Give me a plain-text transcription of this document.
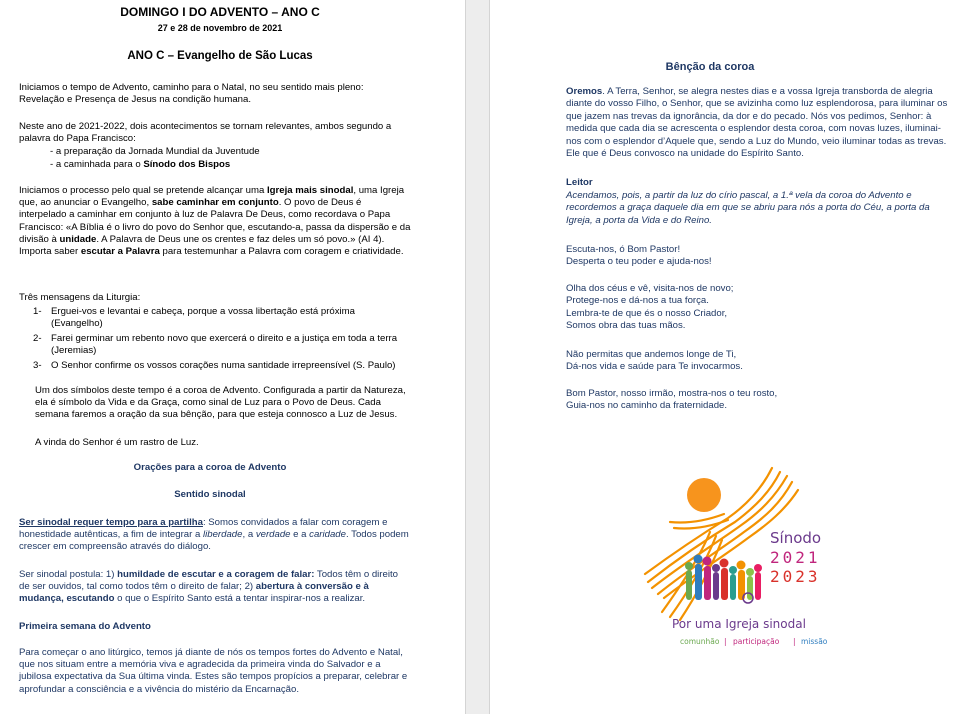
DOMINGO I DO ADVENTO – ANO C
27 e 28 de novembro de 2021
ANO C – Evangelho de São Lucas
Iniciamos o tempo de Advento, caminho para o Natal, no seu sentido mais pleno: Revelação e Presença de Jesus na condição humana.
Neste ano de 2021-2022, dois acontecimentos se tornam relevantes, ambos segundo a palavra do Papa Francisco:
- a preparação da Jornada Mundial da Juventude
- a caminhada para o Sínodo dos Bispos
Iniciamos o processo pelo qual se pretende alcançar uma Igreja mais sinodal, uma Igreja que, ao anunciar o Evangelho, sabe caminhar em conjunto. O povo de Deus é interpelado a caminhar em conjunto à luz de Palavra De Deus, como recordava o Papa Francisco: «A Bíblia é o livro do povo do Senhor que, escutando-a, passa da dispersão e da divisão à unidade. A Palavra de Deus une os crentes e faz deles um só povo.» (AI 4). Importa saber escutar a Palavra para testemunhar a Palavra com coragem e criatividade.
Três mensagens da Liturgia:
1- Erguei-vos e levantai e cabeça, porque a vossa libertação está próxima (Evangelho)
2- Farei germinar um rebento novo que exercerá o direito e a justiça em toda a terra (Jeremias)
3- O Senhor confirme os vossos corações numa santidade irrepreensível (S. Paulo)
Um dos símbolos deste tempo é a coroa de Advento. Configurada a partir da Natureza, ela é símbolo da Vida e da Graça, como sinal de Luz para o Povo de Deus. Cada semana faremos a oração da sua bênção, para que esteja connosco a Luz de Jesus.
A vinda do Senhor é um rastro de Luz.
Orações para a coroa de Advento
Sentido sinodal
Ser sinodal requer tempo para a partilha: Somos convidados a falar com coragem e honestidade autênticas, a fim de integrar a liberdade, a verdade e a caridade. Todos podem crescer em compreensão através do diálogo.
Ser sinodal postula: 1) humildade de escutar e a coragem de falar: Todos têm o direito de ser ouvidos, tal como todos têm o direito de falar; 2) abertura à conversão e à mudança, escutando o que o Espírito Santo está a tentar inspirar-nos a realizar.
Primeira semana do Advento
Para começar o ano litúrgico, temos já diante de nós os tempos fortes do Advento e Natal, que nos situam entre a memória viva e agradecida da primeira vinda do Salvador e a jubilosa expectativa da Sua última vinda. Estes são tempos propícios a preparar, celebrar e aprofundar a consciência e a vivência do mistério da Encarnação.
Bênção da coroa
Oremos. A Terra, Senhor, se alegra nestes dias e a vossa Igreja transborda de alegria diante do vosso Filho, o Senhor, que se avizinha como luz esplendorosa, para iluminar os que jazem nas trevas da ignorância, da dor e do pecado. Nós vos pedimos, Senhor: à medida que cada dia se acrescenta o esplendor desta coroa, com novas luzes, iluminai-nos com o esplendor d’Aquele que, sendo a Luz do Mundo, veio iluminar todas as trevas. Ele que é Deus convosco na unidade do Espírito Santo.
Leitor
Acendamos, pois, a partir da luz do círio pascal, a 1.ª vela da coroa do Advento e recordemos a graça daquele dia em que se abriu para nós a porta do Céu, a porta da Igreja, a porta da Vida e do Reino.
Escuta-nos, ó Bom Pastor!
Desperta o teu poder e ajuda-nos!
Olha dos céus e vê, visita-nos de novo;
Protege-nos e dá-nos a tua força.
Lembra-te de que és o nosso Criador,
Somos obra das tuas mãos.
Não permitas que andemos longe de Ti,
Dá-nos vida e saúde para Te invocarmos.
Bom Pastor, nosso irmão, mostra-nos o teu rosto,
Guia-nos no caminho da fraternidade.
Sínodo
2021
2023
Por uma Igreja sinodal
comunhão | participação | missão
